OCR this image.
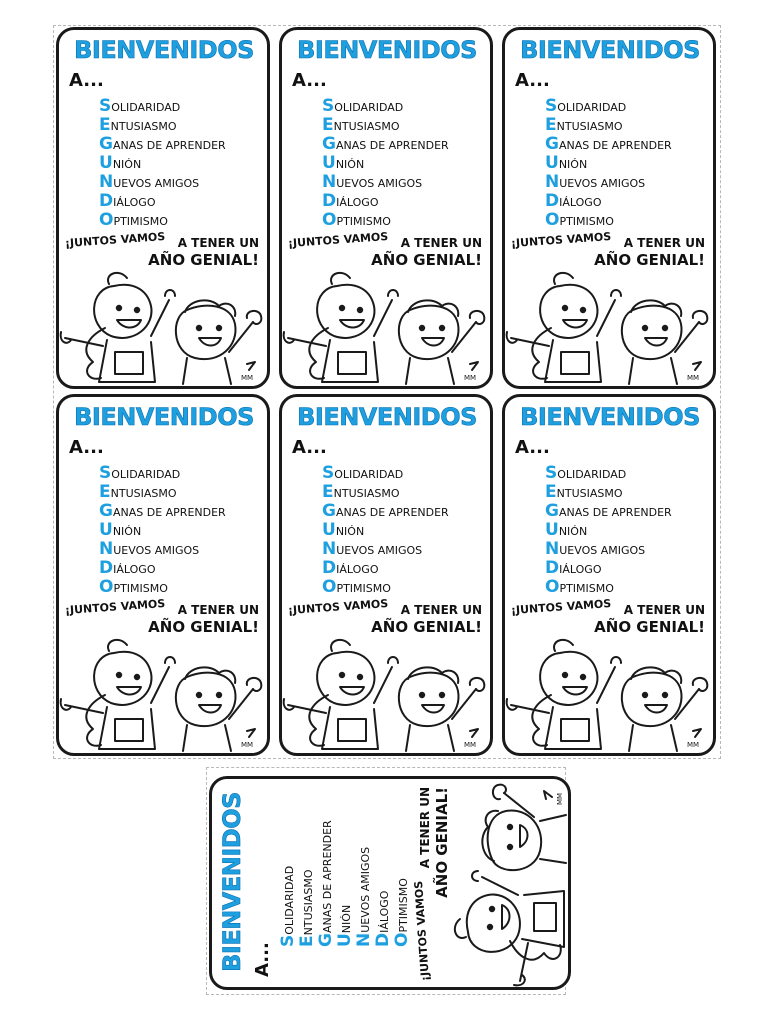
BIENVENIDOS
A...
SOLIDARIDAD
ENTUSIASMO
GANAS DE APRENDER
UNIÓN
NUEVOS AMIGOS
DIÁLOGO
OPTIMISMO
¡JUNTOS VAMOS A TENER UN
AÑO GENIAL!
MM
BIENVENIDOS
A...
SOLIDARIDAD
ENTUSIASMO
GANAS DE APRENDER
UNIÓN
NUEVOS AMIGOS
DIÁLOGO
OPTIMISMO
¡JUNTOS VAMOS A TENER UN
AÑO GENIAL!
MM
BIENVENIDOS
A...
SOLIDARIDAD
ENTUSIASMO
GANAS DE APRENDER
UNIÓN
NUEVOS AMIGOS
DIÁLOGO
OPTIMISMO
¡JUNTOS VAMOS A TENER UN
AÑO GENIAL!
MM
BIENVENIDOS
A...
SOLIDARIDAD
ENTUSIASMO
GANAS DE APRENDER
UNIÓN
NUEVOS AMIGOS
DIÁLOGO
OPTIMISMO
¡JUNTOS VAMOS A TENER UN
AÑO GENIAL!
MM
BIENVENIDOS
A...
SOLIDARIDAD
ENTUSIASMO
GANAS DE APRENDER
UNIÓN
NUEVOS AMIGOS
DIÁLOGO
OPTIMISMO
¡JUNTOS VAMOS A TENER UN
AÑO GENIAL!
MM
BIENVENIDOS
A...
SOLIDARIDAD
ENTUSIASMO
GANAS DE APRENDER
UNIÓN
NUEVOS AMIGOS
DIÁLOGO
OPTIMISMO
¡JUNTOS VAMOS A TENER UN
AÑO GENIAL!
MM
BIENVENIDOS A...
SOLIDARIDAD
ENTUSIASMO
GANAS DE APRENDER
UNIÓN
NUEVOS AMIGOS
DIÁLOGO
OPTIMISMO ¡JUNTOS VAMOS
A TENER UN AÑO GENIAL!	MM
